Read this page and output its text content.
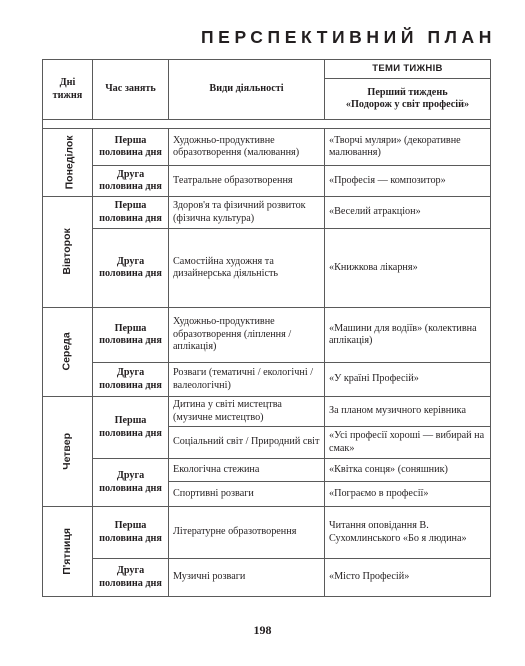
ПЕРСПЕКТИВНИЙ ПЛАН
Дні тижня	Час занять	Види діяльності	ТЕМИ ТИЖНІВ

			Перший тиждень
«Подорож у світ професій»

Понеділок	Перша половина дня	Художньо-продуктивне образотворення (малювання)	«Творчі муляри» (декоративне малювання)
	Друга половина дня	Театральне образотворення	«Професія — композитор»
Вівторок	Перша половина дня	Здоров'я та фізичний розвиток (фізична культура)	«Веселий атракціон»
	Друга половина дня	Самостійна художня та дизайнерська діяльність	«Книжкова лікарня»
Середа	Перша половина дня	Художньо-продуктивне образотворення (ліплення / аплікація)	«Машини для водіїв» (колективна аплікація)
	Друга половина дня	Розваги (тематичні / екологічні / валеологічні)	«У країні Професій»
Четвер	Перша половина дня	Дитина у світі мистецтва (музичне мистецтво)	За планом музичного керівника
		Соціальний світ / Природний світ	«Усі професії хороші — вибирай на смак»
	Друга половина дня	Екологічна стежина	«Квітка сонця» (соняшник)
		Спортивні розваги	«Пограємо в професії»
П'ятниця	Перша половина дня	Літературне образотворення	Читання оповідання В. Сухомлинського «Бо я людина»
	Друга половина дня	Музичні розваги	«Місто Професій»
198
